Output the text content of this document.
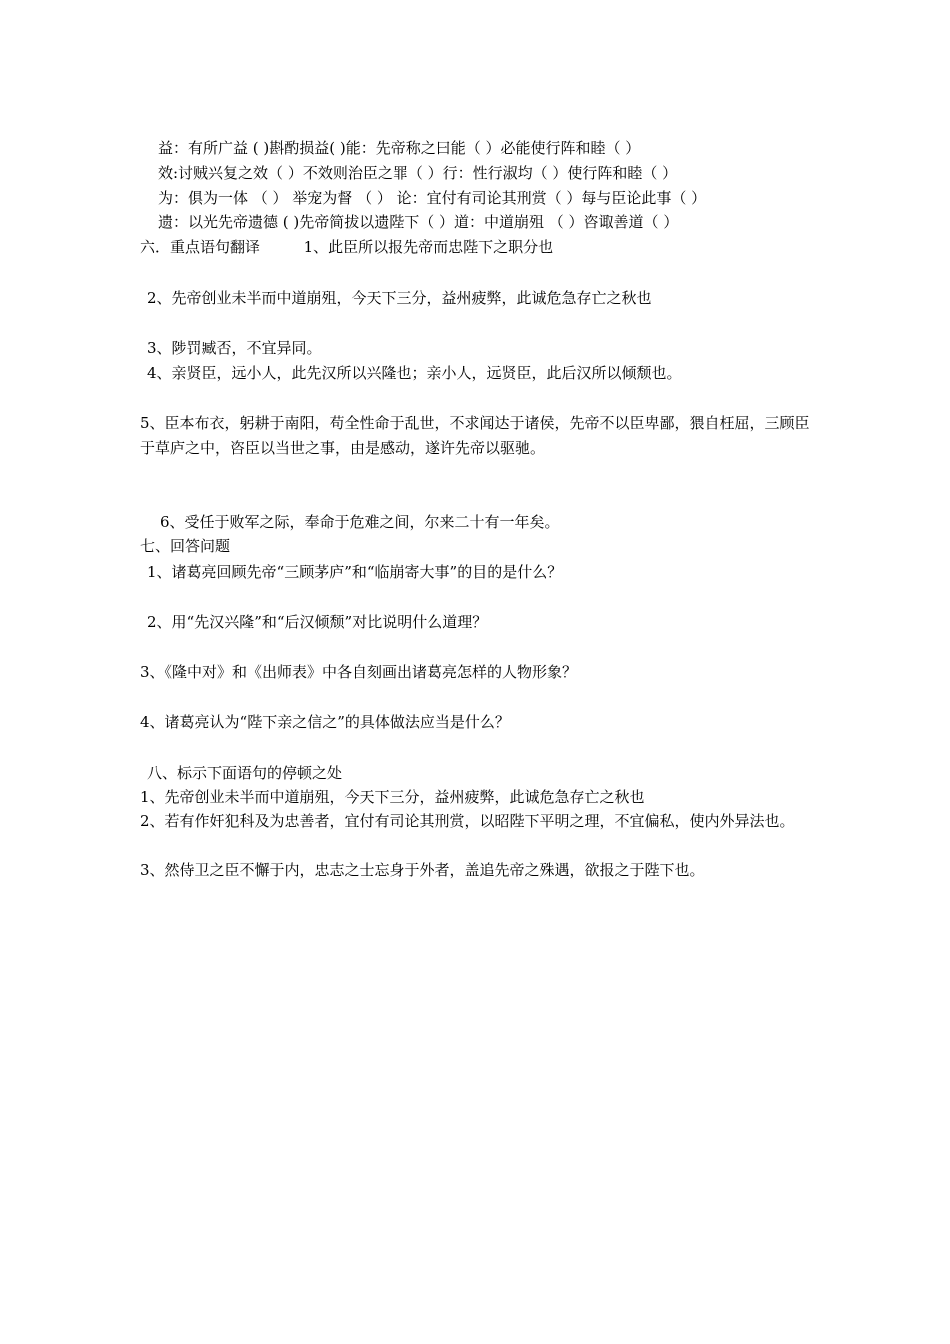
益：有所广益 ( )斟酌损益( )能：先帝称之曰能（ ）必能使行阵和睦（ ）
效:讨贼兴复之效（ ）不效则治臣之罪（ ）行：性行淑均（ ）使行阵和睦（ ）
为：俱为一体 （ ） 举宠为督 （ ） 论：宜付有司论其刑赏（ ）每与臣论此事（ ）
遗：以光先帝遗德 ( )先帝简拔以遗陛下（ ）道：中道崩殂 （ ）咨诹善道（ ）
六．重点语句翻译	1、此臣所以报先帝而忠陛下之职分也
2、先帝创业未半而中道崩殂，今天下三分，益州疲弊，此诚危急存亡之秋也
3、陟罚臧否，不宜异同。
4、亲贤臣，远小人，此先汉所以兴隆也；亲小人，远贤臣，此后汉所以倾颓也。
5、臣本布衣，躬耕于南阳，苟全性命于乱世，不求闻达于诸侯，先帝不以臣卑鄙，猥自枉屈，三顾臣于草庐之中，咨臣以当世之事，由是感动，遂许先帝以驱驰。
6、受任于败军之际，奉命于危难之间，尔来二十有一年矣。
七、回答问题
1、诸葛亮回顾先帝“三顾茅庐”和“临崩寄大事”的目的是什么？
2、用“先汉兴隆”和“后汉倾颓”对比说明什么道理？
3、《隆中对》和《出师表》中各自刻画出诸葛亮怎样的人物形象？
4、诸葛亮认为“陛下亲之信之”的具体做法应当是什么？
八、标示下面语句的停顿之处
1、先帝创业未半而中道崩殂，今天下三分，益州疲弊，此诚危急存亡之秋也
2、若有作奸犯科及为忠善者，宜付有司论其刑赏，以昭陛下平明之理，不宜偏私，使内外异法也。
3、然侍卫之臣不懈于内，忠志之士忘身于外者，盖追先帝之殊遇，欲报之于陛下也。
